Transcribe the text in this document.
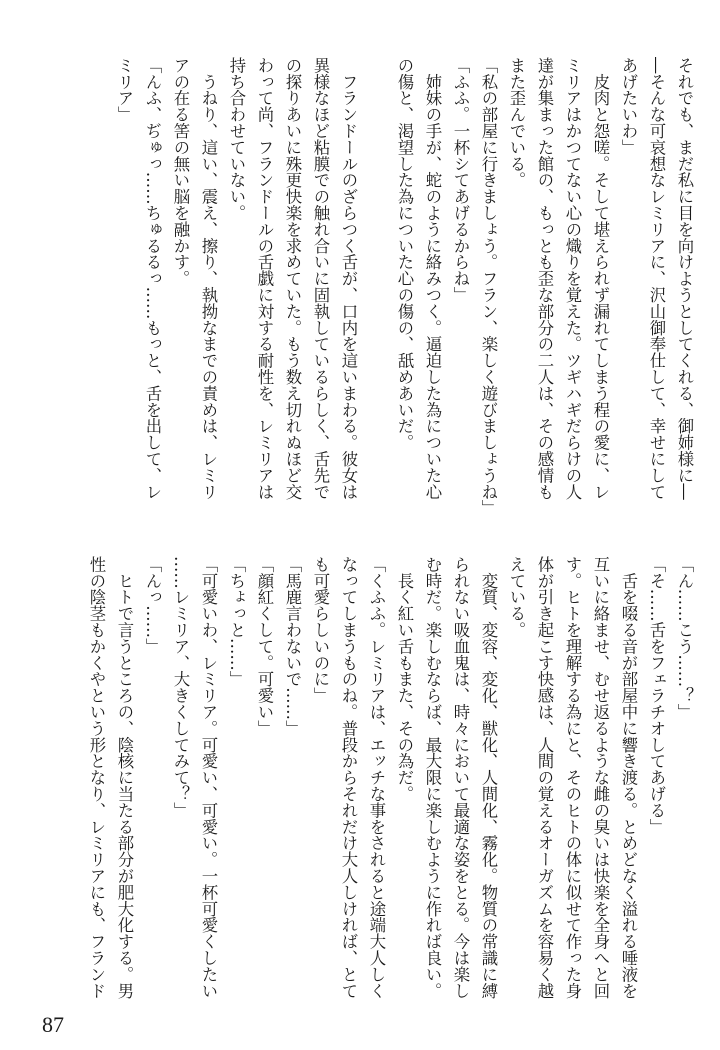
それでも、まだ私に目を向けようとしてくれる、御姉様に―
―そんな可哀想なレミリアに、沢山御奉仕して、幸せにして
あげたいわ」
　皮肉と怨嗟。そして堪えられず漏れてしまう程の愛に、レ
ミリアはかつてない心の熾りを覚えた。ツギハギだらけの人
達が集まった館の、もっとも歪な部分の二人は、その感情も
また歪んでいる。
「私の部屋に行きましょう。フラン、楽しく遊びましょうね」
「ふふ。一杯シてあげるからね」
　姉妹の手が、蛇のように絡みつく。逼迫した為についた心
の傷と、渇望した為についた心の傷の、舐めあいだ。
　フランドールのざらつく舌が、口内を這いまわる。彼女は
異様なほど粘膜での触れ合いに固執しているらしく、舌先で
の探りあいに殊更快楽を求めていた。もう数え切れぬほど交
わって尚、フランドールの舌戯に対する耐性を、レミリアは
持ち合わせていない。
　うねり、這い、震え、擦り、執拗なまでの責めは、レミリ
アの在る筈の無い脳を融かす。
「んふ、ぢゅっ……ちゅるるっ……もっと、舌を出して、レ
ミリア」
「ん……こう……？」
「そ……舌をフェラチオしてあげる」
　舌を啜る音が部屋中に響き渡る。とめどなく溢れる唾液を
互いに絡ませ、むせ返るような雌の臭いは快楽を全身へと回
す。ヒトを理解する為にと、そのヒトの体に似せて作った身
体が引き起こす快感は、人間の覚えるオーガズムを容易く越
えている。
　変質、変容、変化、獣化、人間化、霧化。物質の常識に縛
られない吸血鬼は、時々において最適な姿をとる。今は楽し
む時だ。楽しむならば、最大限に楽しむように作れば良い。
　長く紅い舌もまた、その為だ。
「くふふ。レミリアは、エッチな事をされると途端大人しく
なってしまうものね。普段からそれだけ大人しければ、とて
も可愛らしいのに」
「馬鹿言わないで……」
「顔紅くして。可愛い」
「ちょっと……」
「可愛いわ、レミリア。可愛い、可愛い。一杯可愛くしたい
……レミリア、大きくしてみて？」
「んっ……」
　ヒトで言うところの、陰核に当たる部分が肥大化する。男
性の陰茎もかくやという形となり、レミリアにも、フランド
87
